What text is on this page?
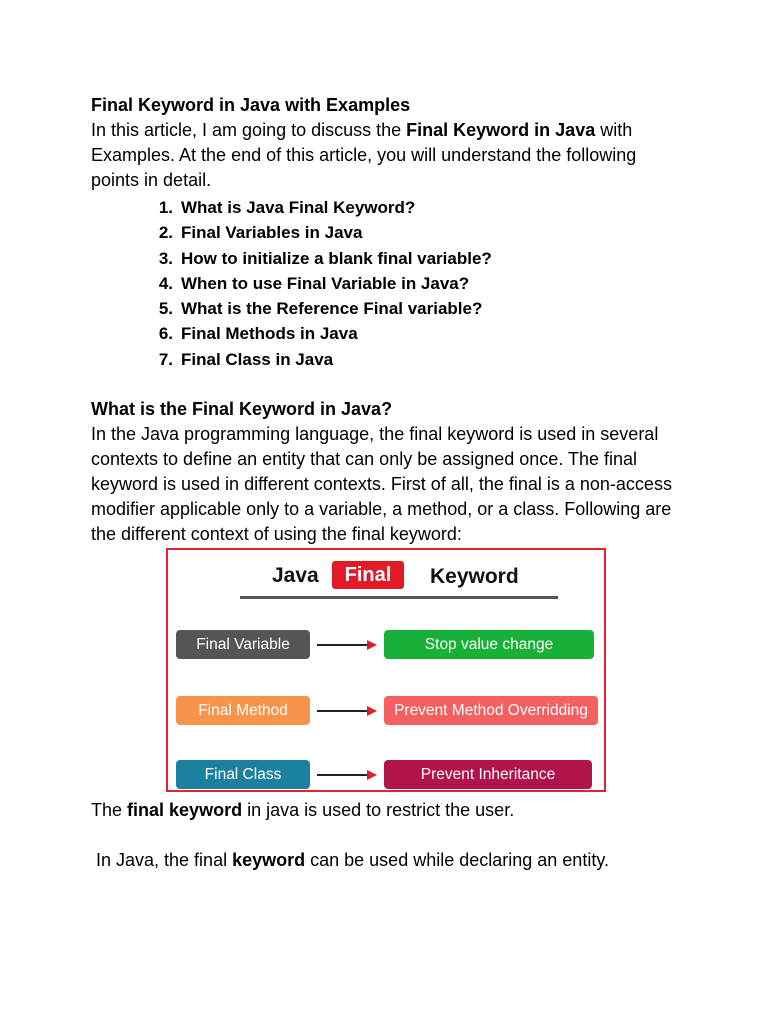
Final Keyword in Java with Examples
In this article, I am going to discuss the Final Keyword in Java with
Examples. At the end of this article, you will understand the following
points in detail.
1. What is Java Final Keyword?
2. Final Variables in Java
3. How to initialize a blank final variable?
4. When to use Final Variable in Java?
5. What is the Reference Final variable?
6. Final Methods in Java
7. Final Class in Java
What is the Final Keyword in Java?
In the Java programming language, the final keyword is used in several
contexts to define an entity that can only be assigned once. The final
keyword is used in different contexts. First of all, the final is a non-access
modifier applicable only to a variable, a method, or a class. Following are
the different context of using the final keyword:
Java	Final	Keyword
Final Variable	Stop value change
Final Method	Prevent Method Overridding
Final Class	Prevent Inheritance
The final keyword in java is used to restrict the user.
In Java, the final keyword can be used while declaring an entity.
